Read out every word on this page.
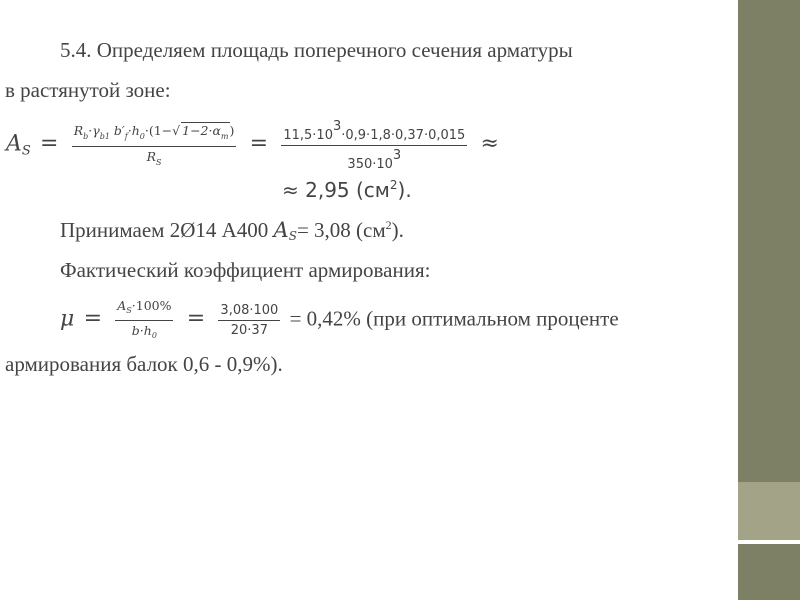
5.4. Определяем площадь поперечного сечения арматуры
в растянутой зоне:
$A_S = \frac{R_b\cdot\gamma_{b1} b'_f\cdot h_0\cdot(1-√ 1-2\cdot\alpha_m)}{R_S} = \frac{11,5\cdot 10^3\cdot 0,9\cdot 1,8\cdot 0,37\cdot 0,015}{350\cdot 10^3}$ ≈
≈ 2,95 $(см^2)$.
Принимаем 2Ø14 А400 $A_S= 3,08$ $(см^2)$.
Фактический коэффициент армирования:
$\mu = \frac{A_S\cdot 100\%}{b\cdot h_0} = \frac{3,08\cdot 100}{20\cdot 37} = 0,42\%$ (при оптимальном проценте
армирования балок 0,6 - 0,9%).
